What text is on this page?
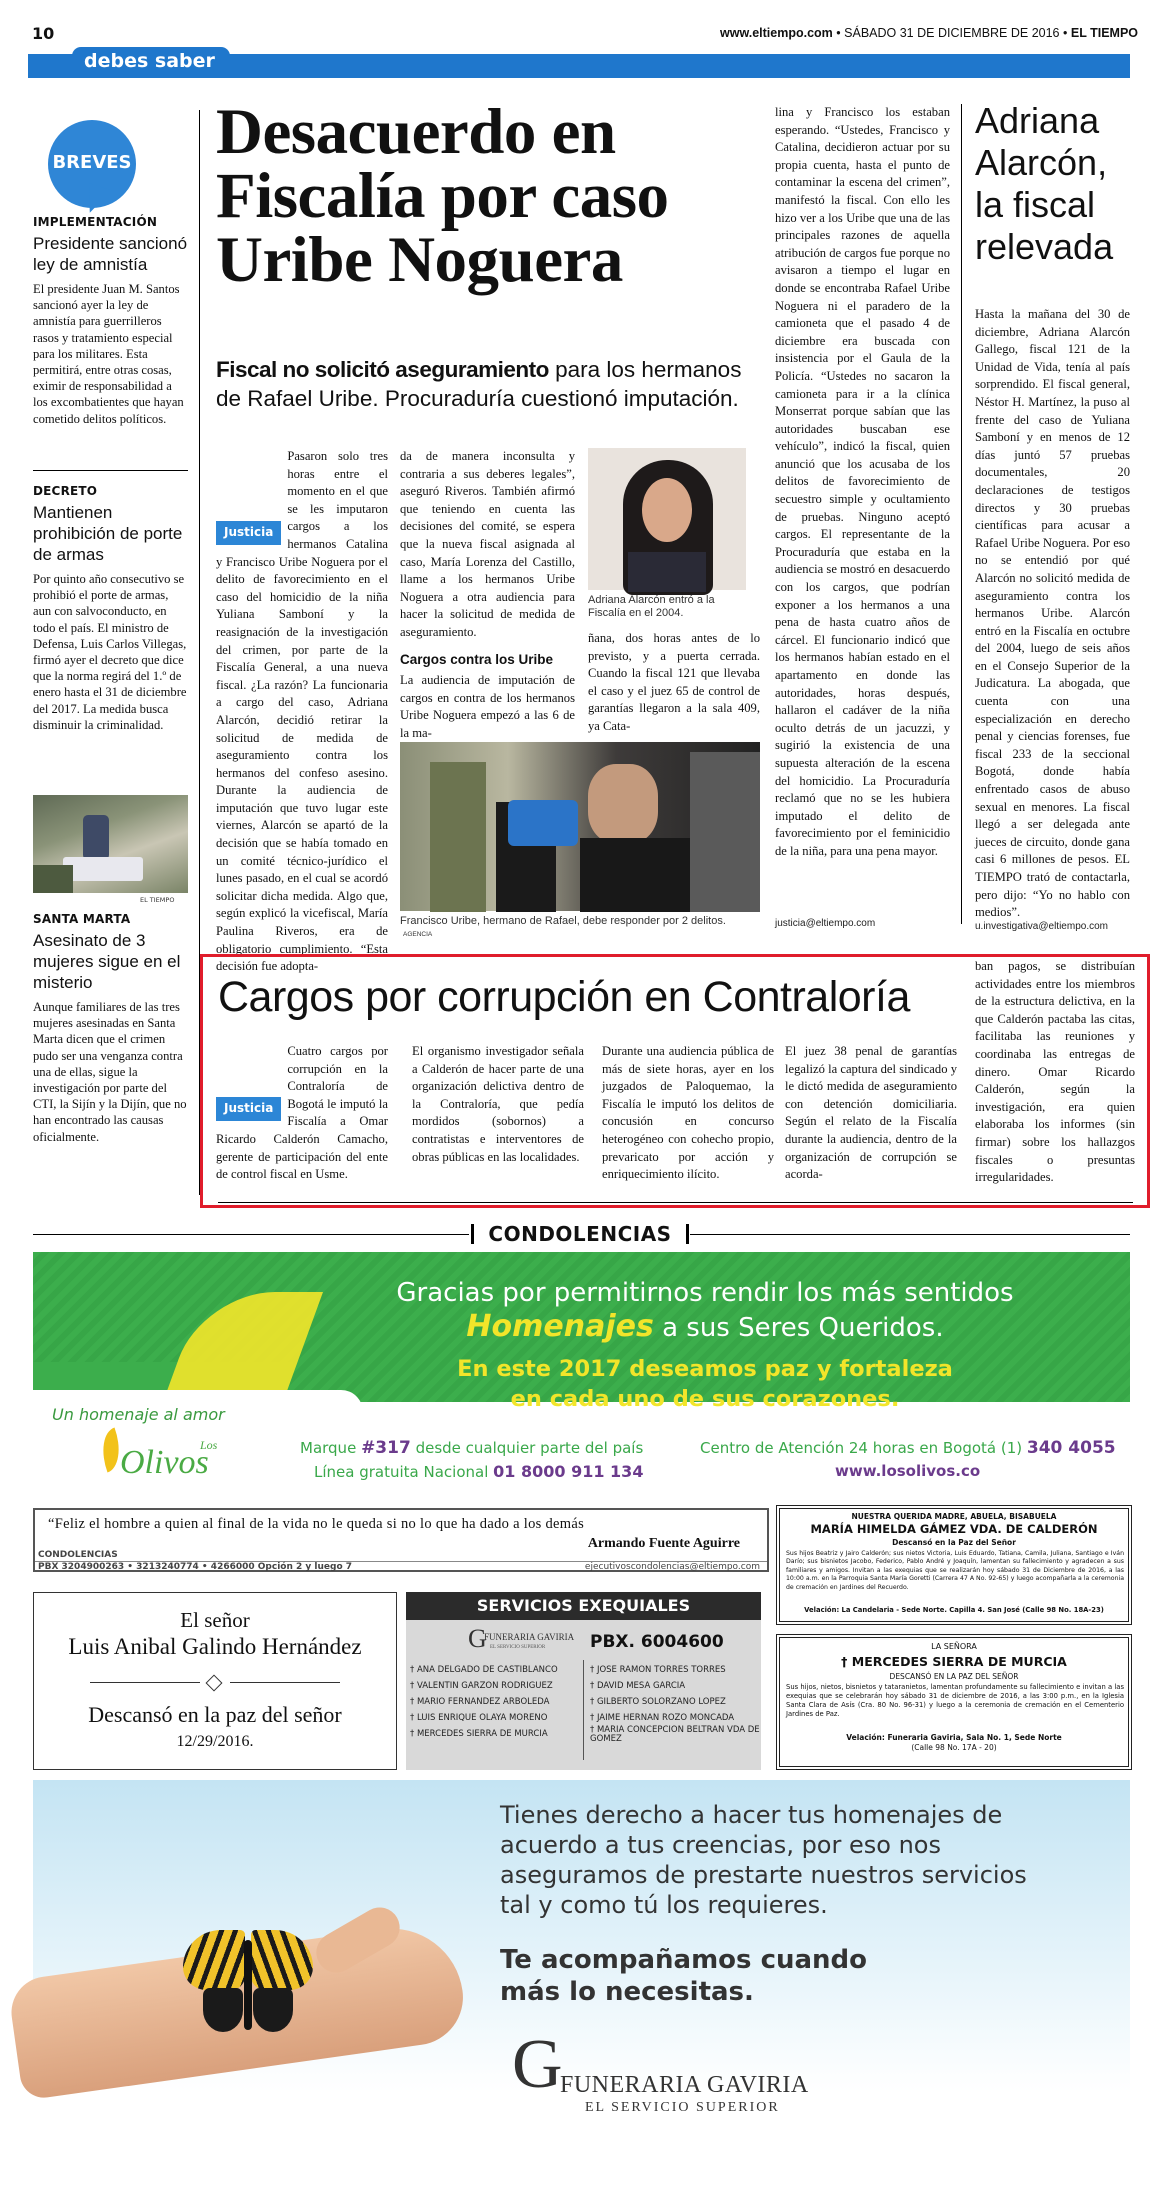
10	www.eltiempo.com • SÁBADO 31 DE DICIEMBRE DE 2016 • EL TIEMPO
debes saber
BREVES
IMPLEMENTACIÓN
Presidente sancionó ley de amnistía
El presidente Juan M. Santos sancionó ayer la ley de amnistía para guerrilleros rasos y tratamiento especial para los militares. Esta permitirá, entre otras cosas, eximir de responsabilidad a los excombatientes que hayan cometido delitos políticos.
DECRETO
Mantienen prohibición de porte de armas
Por quinto año consecutivo se prohibió el porte de armas, aun con salvoconducto, en todo el país. El ministro de Defensa, Luis Carlos Villegas, firmó ayer el decreto que dice que la norma regirá del 1.º de enero hasta el 31 de diciembre del 2017. La medida busca disminuir la criminalidad.
EL TIEMPO
SANTA MARTA
Asesinato de 3 mujeres sigue en el misterio
Aunque familiares de las tres mujeres asesinadas en Santa Marta dicen que el crimen pudo ser una venganza contra una de ellas, sigue la investigación por parte del CTI, la Sijín y la Dijín, que no han encontrado las causas oficialmente.
Desacuerdo en Fiscalía por caso Uribe Noguera
Fiscal no solicitó aseguramiento para los hermanos de Rafael Uribe. Procuraduría cuestionó imputación.
Justicia
Pasaron solo tres horas entre el momento en el que se les imputaron cargos a los hermanos Catalina y Francisco Uribe Noguera por el delito de favorecimiento en el caso del homicidio de la niña Yuliana Samboní y la reasignación de la investigación del crimen, por parte de la Fiscalía General, a una nueva fiscal. ¿La razón? La funcionaria a cargo del caso, Adriana Alarcón, decidió retirar la solicitud de medida de aseguramiento contra los hermanos del confeso asesino. Durante la audiencia de imputación que tuvo lugar este viernes, Alarcón se apartó de la decisión que se había tomado en un comité técnico-jurídico el lunes pasado, en el cual se acordó solicitar dicha medida. Algo que, según explicó la vicefiscal, María Paulina Riveros, era de obligatorio cumplimiento. “Esta decisión fue adopta-
da de manera inconsulta y contraria a sus deberes legales”, aseguró Riveros. También afirmó que teniendo en cuenta las decisiones del comité, se espera que la nueva fiscal asignada al caso, María Lorenza del Castillo, llame a los hermanos Uribe Noguera a otra audiencia para hacer la solicitud de medida de aseguramiento.
Cargos contra los Uribe
La audiencia de imputación de cargos en contra de los hermanos Uribe Noguera empezó a las 6 de la ma-
Adriana Alarcón entró a la Fiscalía en el 2004.
ñana, dos horas antes de lo previsto, y a puerta cerrada. Cuando la fiscal 121 que llevaba el caso y el juez 65 de control de garantías llegaron a la sala 409, ya Cata-
Francisco Uribe, hermano de Rafael, debe responder por 2 delitos. AGENCIA
lina y Francisco los estaban esperando. “Ustedes, Francisco y Catalina, decidieron actuar por su propia cuenta, hasta el punto de contaminar la escena del crimen”, manifestó la fiscal. Con ello les hizo ver a los Uribe que una de las principales razones de aquella atribución de cargos fue porque no avisaron a tiempo el lugar en donde se encontraba Rafael Uribe Noguera ni el paradero de la camioneta que el pasado 4 de diciembre era buscada con insistencia por el Gaula de la Policía. “Ustedes no sacaron la camioneta para ir a la clínica Monserrat porque sabían que las autoridades buscaban ese vehículo”, indicó la fiscal, quien anunció que los acusaba de los delitos de favorecimiento de secuestro simple y ocultamiento de pruebas. Ninguno aceptó cargos. El representante de la Procuraduría que estaba en la audiencia se mostró en desacuerdo con los cargos, que podrían exponer a los hermanos a una pena de hasta cuatro años de cárcel. El funcionario indicó que los hermanos habían estado en el apartamento en donde las autoridades, horas después, hallaron el cadáver de la niña oculto detrás de un jacuzzi, y sugirió la existencia de una supuesta alteración de la escena del homicidio. La Procuraduría reclamó que no se les hubiera imputado el delito de favorecimiento por el feminicidio de la niña, para una pena mayor.
justicia@eltiempo.com
Adriana Alarcón, la fiscal relevada
Hasta la mañana del 30 de diciembre, Adriana Alarcón Gallego, fiscal 121 de la Unidad de Vida, tenía al país sorprendido. El fiscal general, Néstor H. Martínez, la puso al frente del caso de Yuliana Samboní y en menos de 12 días juntó 57 pruebas documentales, 20 declaraciones de testigos directos y 30 pruebas científicas para acusar a Rafael Uribe Noguera. Por eso no se entendió por qué Alarcón no solicitó medida de aseguramiento contra los hermanos Uribe. Alarcón entró en la Fiscalía en octubre del 2004, luego de seis años en el Consejo Superior de la Judicatura. La abogada, que cuenta con una especialización en derecho penal y ciencias forenses, fue fiscal 233 de la seccional Bogotá, donde había enfrentado casos de abuso sexual en menores. La fiscal llegó a ser delegada ante jueces de circuito, donde gana casi 6 millones de pesos. EL TIEMPO trató de contactarla, pero dijo: “Yo no hablo con medios”.
u.investigativa@eltiempo.com
Cargos por corrupción en Contraloría
Justicia
Cuatro cargos por corrupción en la Contraloría de Bogotá le imputó la Fiscalía a Omar Ricardo Calderón Camacho, gerente de participación del ente de control fiscal en Usme.
El organismo investigador señala a Calderón de hacer parte de una organización delictiva dentro de la Contraloría, que pedía mordidos (sobornos) a contratistas e interventores de obras públicas en las localidades.
Durante una audiencia pública de más de siete horas, ayer en los juzgados de Paloquemao, la Fiscalía le imputó los delitos de concusión en concurso heterogéneo con cohecho propio, prevaricato por acción y enriquecimiento ilícito.
El juez 38 penal de garantías legalizó la captura del sindicado y le dictó medida de aseguramiento con detención domiciliaria. Según el relato de la Fiscalía durante la audiencia, dentro de la organización de corrupción se acorda-
ban pagos, se distribuían actividades entre los miembros de la estructura delictiva, en la que Calderón pactaba las citas, facilitaba las reuniones y coordinaba las entregas de dinero. Omar Ricardo Calderón, según la investigación, era quien elaboraba los informes (sin firmar) sobre los hallazgos fiscales o presuntas irregularidades.
CONDOLENCIAS
Gracias por permitirnos rendir los más sentidos
Homenajes a sus Seres Queridos.
En este 2017 deseamos paz y fortaleza
en cada uno de sus corazones.
Un homenaje al amor
Los
Olivos	Marque #317 desde cualquier parte del país
Línea gratuita Nacional 01 8000 911 134
Centro de Atención 24 horas en Bogotá (1) 340 4055
www.losolivos.co
“Feliz el hombre a quien al final de la vida no le queda si no lo que ha dado a los demás
Armando Fuente Aguirre
CONDOLENCIAS
PBX 3204900263 • 3213240774 • 4266000 Opción 2 y luego 7	ejecutivoscondolencias@eltiempo.com
NUESTRA QUERIDA MADRE, ABUELA, BISABUELA
MARÍA HIMELDA GÁMEZ VDA. DE CALDERÓN
Descansó en la Paz del Señor
Sus hijos Beatriz y Jairo Calderón; sus nietos Victoria, Luis Eduardo, Tatiana, Camila, Juliana, Santiago e Iván Darío; sus bisnietos Jacobo, Federico, Pablo André y Joaquín, lamentan su fallecimiento y agradecen a sus familiares y amigos. Invitan a las exequias que se realizarán hoy sábado 31 de Diciembre de 2016, a las 10:00 a.m. en la Parroquia Santa María Goretti (Carrera 47 A No. 92-65) y luego acompañarla a la ceremonia de cremación en Jardines del Recuerdo.
Velación: La Candelaria - Sede Norte. Capilla 4. San José (Calle 98 No. 18A-23)
El señor
Luis Anibal Galindo Hernández
Descansó en la paz del señor
12/29/2016.
SERVICIOS EXEQUIALES
G
FUNERARIA GAVIRIA
EL SERVICIO SUPERIOR	PBX. 6004600
† ANA DELGADO DE CASTIBLANCO
† VALENTIN GARZON RODRIGUEZ
† MARIO FERNANDEZ ARBOLEDA
† LUIS ENRIQUE OLAYA MORENO
† MERCEDES SIERRA DE MURCIA
† JOSE RAMON TORRES TORRES
† DAVID MESA GARCIA
† GILBERTO SOLORZANO LOPEZ
† JAIME HERNAN ROZO MONCADA
† MARIA CONCEPCION BELTRAN VDA DE GOMEZ
LA SEÑORA
† MERCEDES SIERRA DE MURCIA
DESCANSÓ EN LA PAZ DEL SEÑOR
Sus hijos, nietos, bisnietos y tataranietos, lamentan profundamente su fallecimiento e invitan a las exequias que se celebrarán hoy sábado 31 de diciembre de 2016, a las 3:00 p.m., en la Iglesia Santa Clara de Asís (Cra. 80 No. 96-31) y luego a la ceremonia de cremación en el Cementerio Jardines de Paz.
Velación: Funeraria Gaviria, Sala No. 1, Sede Norte
(Calle 98 No. 17A - 20)
Tienes derecho a hacer tus homenajes de acuerdo a tus creencias, por eso nos aseguramos de prestarte nuestros servicios tal y como tú los requieres.
Te acompañamos cuando más lo necesitas.
G
FUNERARIA GAVIRIA
EL SERVICIO SUPERIOR
